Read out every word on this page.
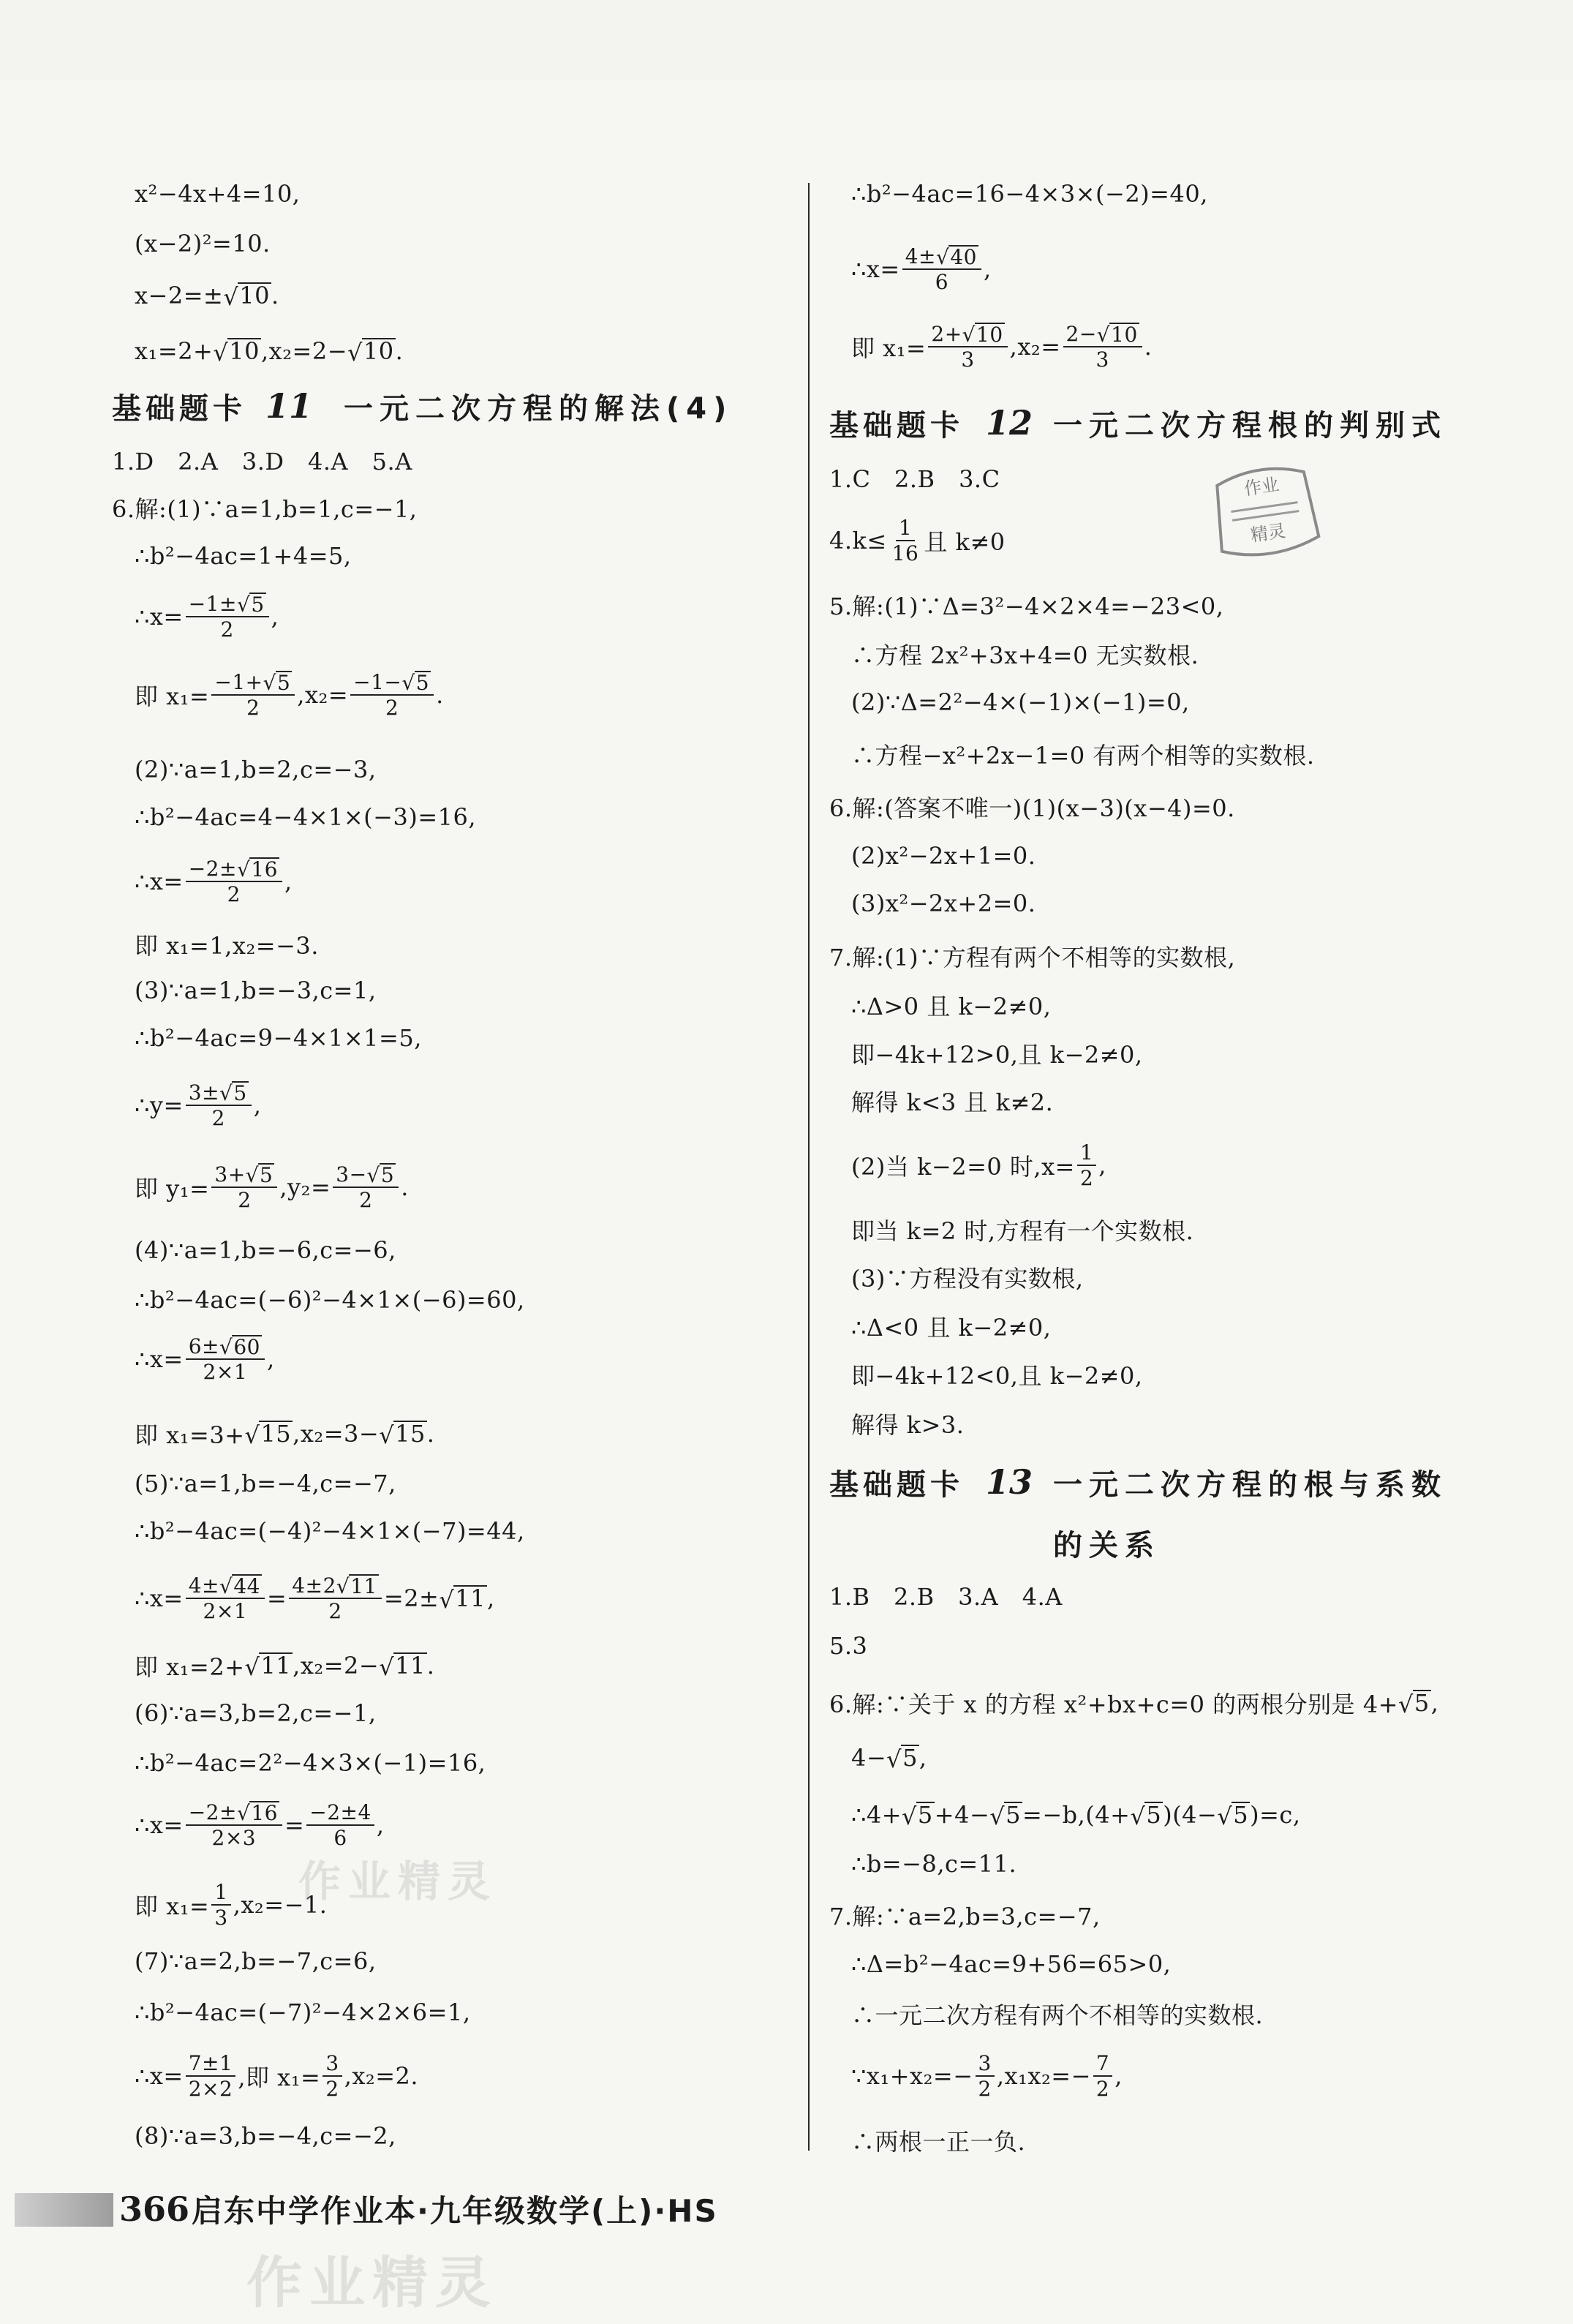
x²−4x+4=10,
(x−2)²=10.
x−2=± √ 10 .
x₁=2+ √ 10 ,x₂=2− √ 10 .
基础题卡 11 一元二次方程的解法(4)
1.D　2.A　3.D　4.A　5.A
6.解:(1)∵a=1,b=1,c=−1,
∴b²−4ac=1+4=5,
∴x= $\frac{-1\pm √ 5}{2}$ ,
即 $x_1= \frac{-1+ √ 5}{2} ,x_2= \frac{-1- √ 5}{2}$ .
(2)∵a=1,b=2,c=−3,
∴b²−4ac=4−4×1×(−3)=16,
∴x= $\frac{-2\pm √ 16}{2}$ ,
即 x₁=1,x₂=−3.
(3)∵a=1,b=−3,c=1,
∴b²−4ac=9−4×1×1=5,
∴y= $\frac{3\pm √ 5}{2}$ ,
即 $y_1= \frac{3+ √ 5}{2} ,y_2= \frac{3- √ 5}{2}$ .
(4)∵a=1,b=−6,c=−6,
∴b²−4ac=(−6)²−4×1×(−6)=60,
∴x= $\frac{6\pm √ 60}{2\times 1}$ ,
即 x₁=3+ √ 15 ,x₂=3− √ 15 .
(5)∵a=1,b=−4,c=−7,
∴b²−4ac=(−4)²−4×1×(−7)=44,
∴x= $\frac{4\pm √ 44}{2\times 1} = \frac{4\pm 2 √ 11}{2} =2\pm$ √ 11 ,
即 x₁=2+ √ 11 ,x₂=2− √ 11 .
(6)∵a=3,b=2,c=−1,
∴b²−4ac=2²−4×3×(−1)=16,
∴x= $\frac{-2\pm √ 16}{2\times 3} = \frac{-2\pm 4}{6}$ ,
即 $x_1= \frac{1}{3} ,x_2=-1$.
(7)∵a=2,b=−7,c=6,
∴b²−4ac=(−7)²−4×2×6=1,
∴x= $\frac{7\pm 1}{2\times 2}$ ,即 $x_1= \frac{3}{2} ,x_2=2$.
(8)∵a=3,b=−4,c=−2,
∴b²−4ac=16−4×3×(−2)=40,
∴x= $\frac{4\pm √ 40}{6}$ ,
即 $x_1= \frac{2+ √ 10}{3} ,x_2= \frac{2- √ 10}{3}$ .
基础题卡 12 一元二次方程根的判别式
1.C　2.B　3.C
$4.k\le \frac{1}{16}$ 且 k≠0
5.解:(1)∵Δ=3²−4×2×4=−23<0,
∴方程 2x²+3x+4=0 无实数根.
(2)∵Δ=2²−4×(−1)×(−1)=0,
∴方程−x²+2x−1=0 有两个相等的实数根.
6.解:(答案不唯一)(1)(x−3)(x−4)=0.
(2)x²−2x+1=0.
(3)x²−2x+2=0.
7.解:(1)∵方程有两个不相等的实数根,
∴Δ>0 且 k−2≠0,
即−4k+12>0,且 k−2≠0,
解得 k<3 且 k≠2.
(2)当 k−2=0 时$,x= \frac{1}{2}$ ,
即当 k=2 时,方程有一个实数根.
(3)∵方程没有实数根,
∴Δ<0 且 k−2≠0,
即−4k+12<0,且 k−2≠0,
解得 k>3.
基础题卡 13 一元二次方程的根与系数
的关系
1.B　2.B　3.A　4.A
5.3
6.解:∵关于 x 的方程 x²+bx+c=0 的两根分别是 4+ √ 5 ,
4− √ 5 ,
∴4+ √ 5 +4− √ 5 =−b,(4+ √ 5 )(4− √ 5 )=c,
∴b=−8,c=11.
7.解:∵a=2,b=3,c=−7,
∴Δ=b²−4ac=9+56=65>0,
∴一元二次方程有两个不相等的实数根.
∵x₁+x₂=− $\frac{3}{2} ,x_1x_2=- \frac{7}{2}$ ,
∴两根一正一负.
作业
精灵
作业精灵
作业精灵
366 启东中学作业本·九年级数学(上)·HS
